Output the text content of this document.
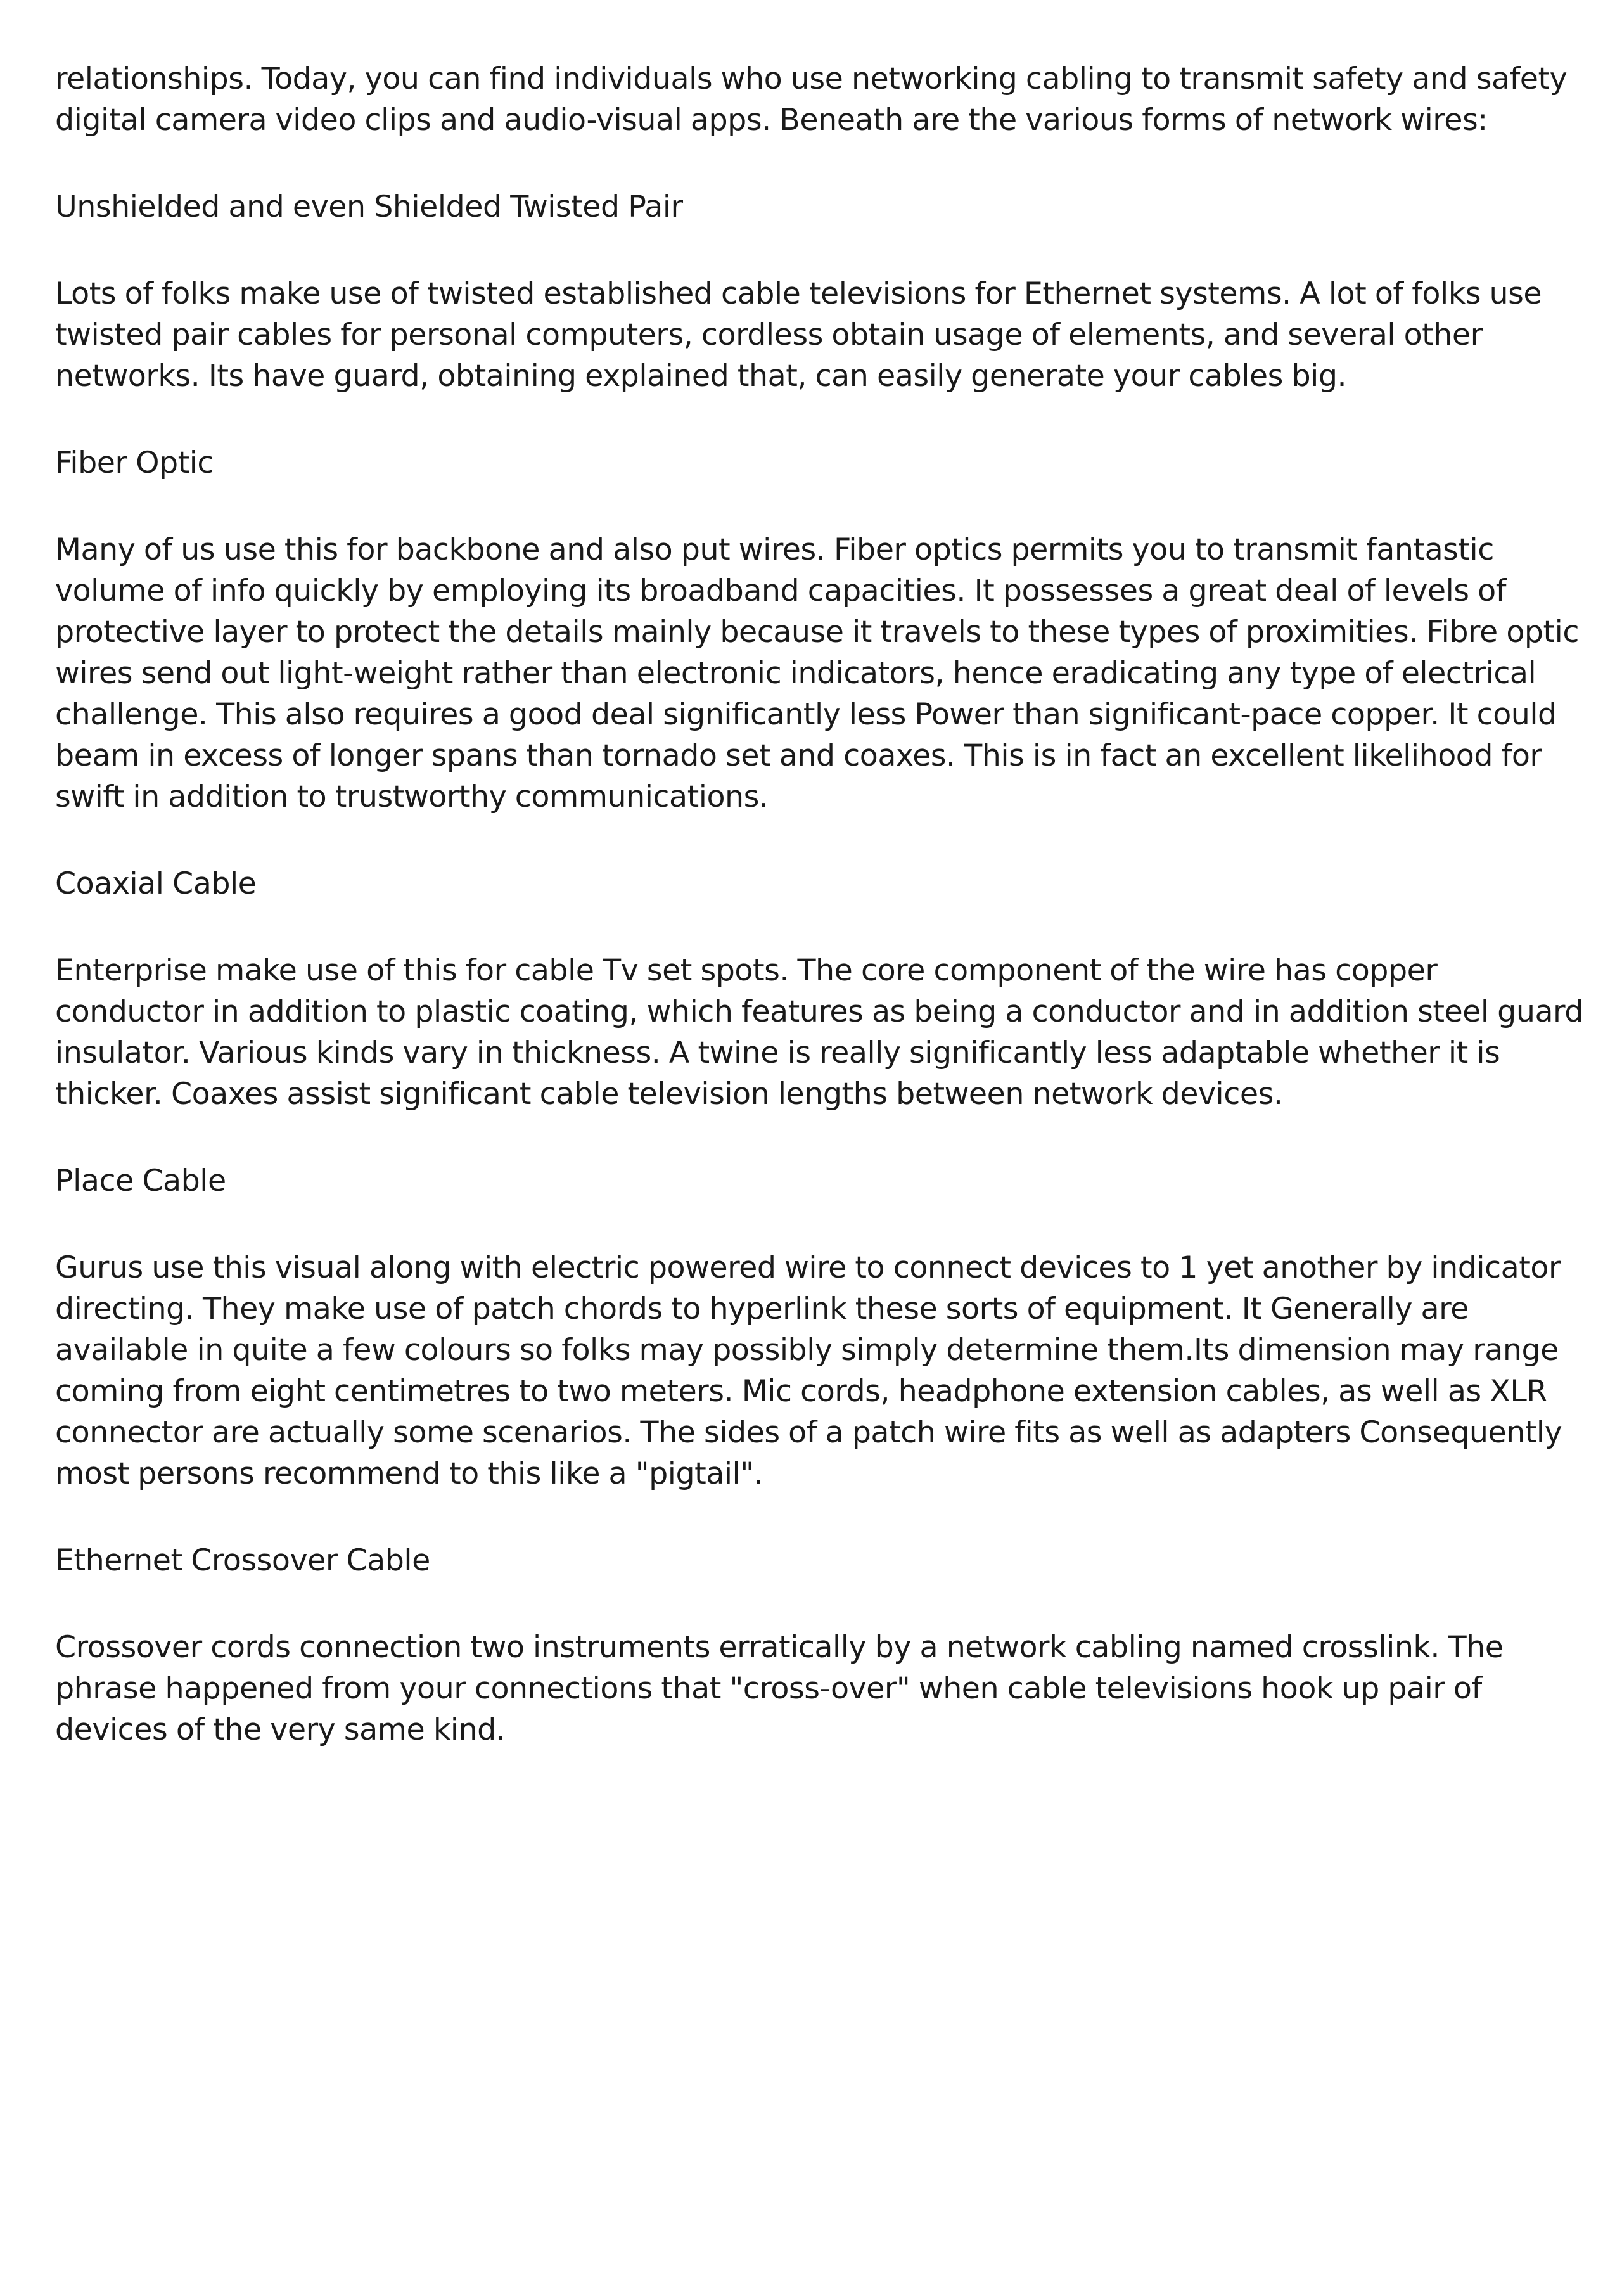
relationships. Today, you can find individuals who use networking cabling to transmit safety and safety digital camera video clips and audio-visual apps. Beneath are the various forms of network wires:

Unshielded and even Shielded Twisted Pair

Lots of folks make use of twisted established cable televisions for Ethernet systems. A lot of folks use twisted pair cables for personal computers, cordless obtain usage of elements, and several other networks. Its have guard, obtaining explained that, can easily generate your cables big.

Fiber Optic

Many of us use this for backbone and also put wires. Fiber optics permits you to transmit fantastic volume of info quickly by employing its broadband capacities. It possesses a great deal of levels of protective layer to protect the details mainly because it travels to these types of proximities. Fibre optic wires send out light-weight rather than electronic indicators, hence eradicating any type of electrical challenge. This also requires a good deal significantly less Power than significant-pace copper. It could beam in excess of longer spans than tornado set and coaxes. This is in fact an excellent likelihood for swift in addition to trustworthy communications.

Coaxial Cable

Enterprise make use of this for cable Tv set spots. The core component of the wire has copper conductor in addition to plastic coating, which features as being a conductor and in addition steel guard insulator. Various kinds vary in thickness. A twine is really significantly less adaptable whether it is thicker. Coaxes assist significant cable television lengths between network devices.

Place Cable

Gurus use this visual along with electric powered wire to connect devices to 1 yet another by indicator directing. They make use of patch chords to hyperlink these sorts of equipment. It Generally are available in quite a few colours so folks may possibly simply determine them.Its dimension may range coming from eight centimetres to two meters. Mic cords, headphone extension cables, as well as XLR connector are actually some scenarios. The sides of a patch wire fits as well as adapters Consequently most persons recommend to this like a "pigtail".

Ethernet Crossover Cable

Crossover cords connection two instruments erratically by a network cabling named crosslink. The phrase happened from your connections that "cross-over" when cable televisions hook up pair of devices of the very same kind.
